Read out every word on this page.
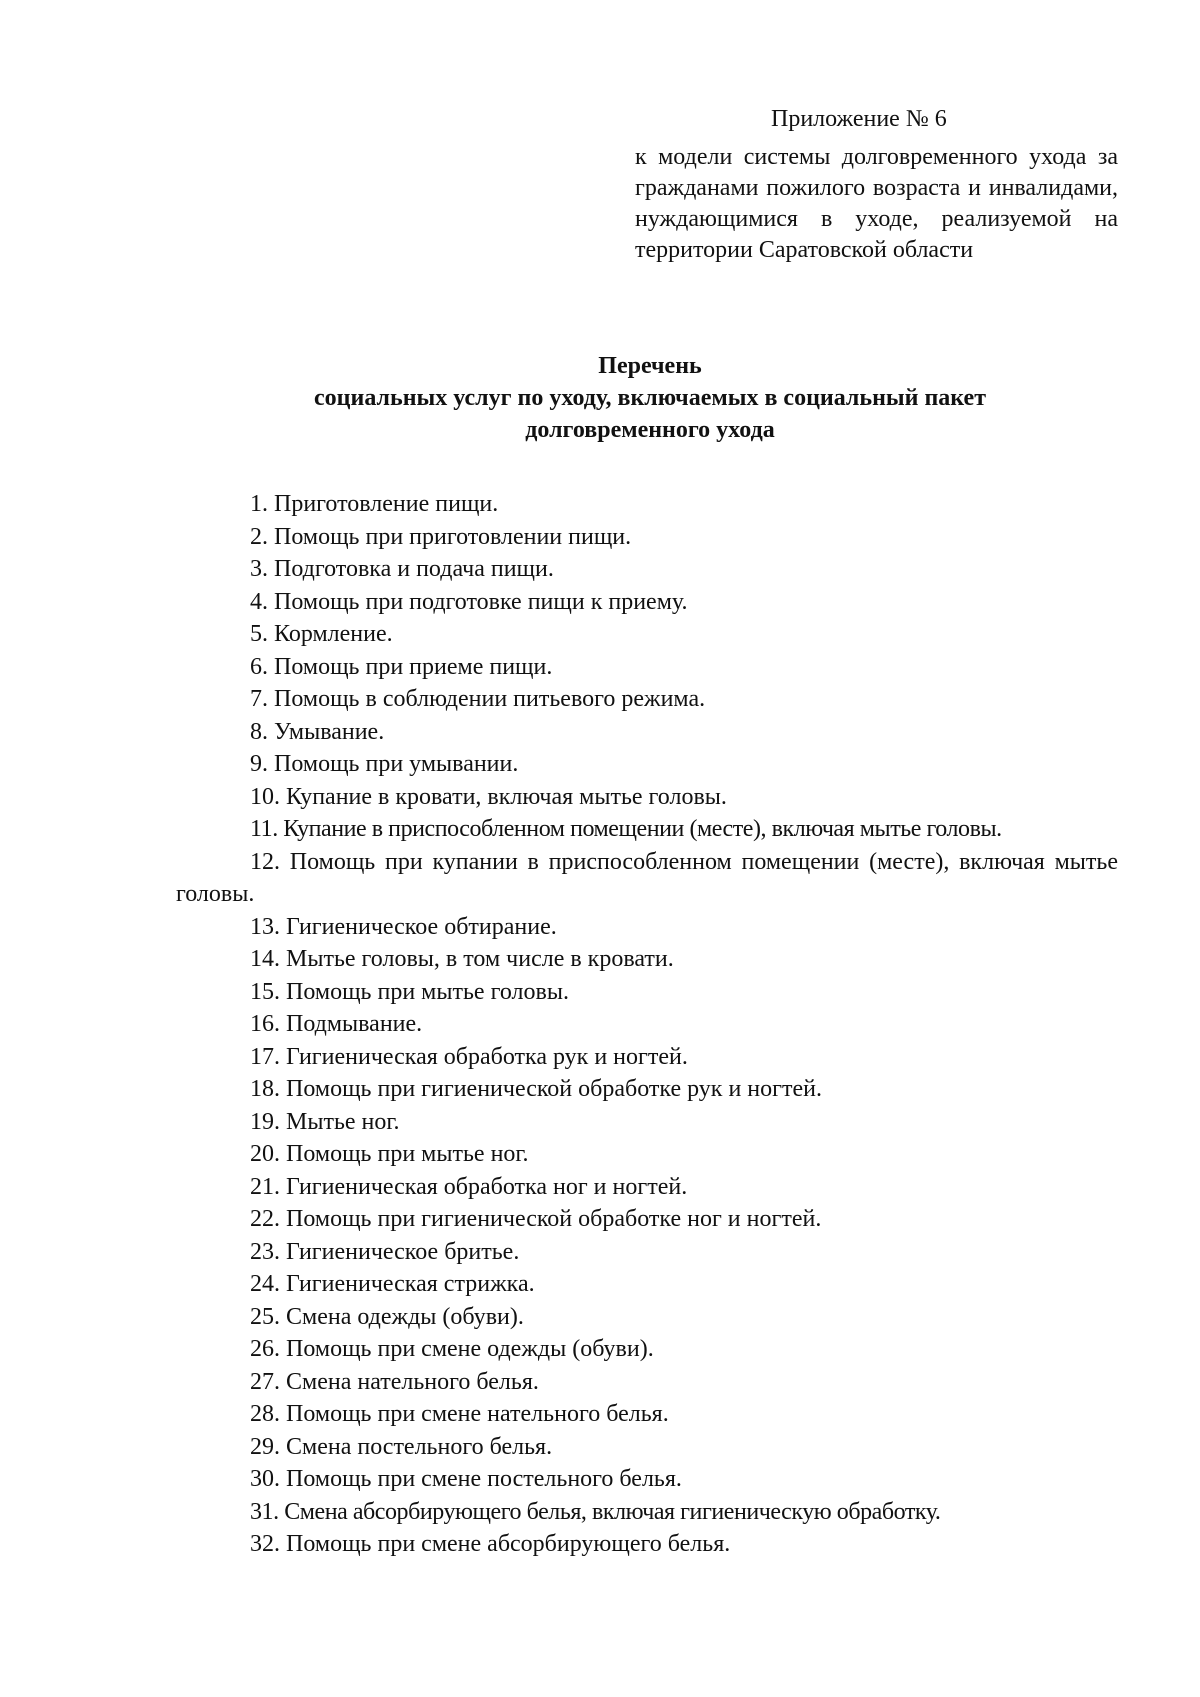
Приложение № 6

к модели системы долговременного ухода за гражданами пожилого возраста и инвалидами, нуждающимися в уходе, реализуемой на территории Саратовской области

Перечень
социальных услуг по уходу, включаемых в социальный пакет
долговременного ухода
1. Приготовление пищи.
2. Помощь при приготовлении пищи.
3. Подготовка и подача пищи.
4. Помощь при подготовке пищи к приему.
5. Кормление.
6. Помощь при приеме пищи.
7. Помощь в соблюдении питьевого режима.
8. Умывание.
9. Помощь при умывании.
10. Купание в кровати, включая мытье головы.
11. Купание в приспособленном помещении (месте), включая мытье головы.
12. Помощь при купании в приспособленном помещении (месте), включая мытье головы.
13. Гигиеническое обтирание.
14. Мытье головы, в том числе в кровати.
15. Помощь при мытье головы.
16. Подмывание.
17. Гигиеническая обработка рук и ногтей.
18. Помощь при гигиенической обработке рук и ногтей.
19. Мытье ног.
20. Помощь при мытье ног.
21. Гигиеническая обработка ног и ногтей.
22. Помощь при гигиенической обработке ног и ногтей.
23. Гигиеническое бритье.
24. Гигиеническая стрижка.
25. Смена одежды (обуви).
26. Помощь при смене одежды (обуви).
27. Смена нательного белья.
28. Помощь при смене нательного белья.
29. Смена постельного белья.
30. Помощь при смене постельного белья.
31. Смена абсорбирующего белья, включая гигиеническую обработку.
32. Помощь при смене абсорбирующего белья.
